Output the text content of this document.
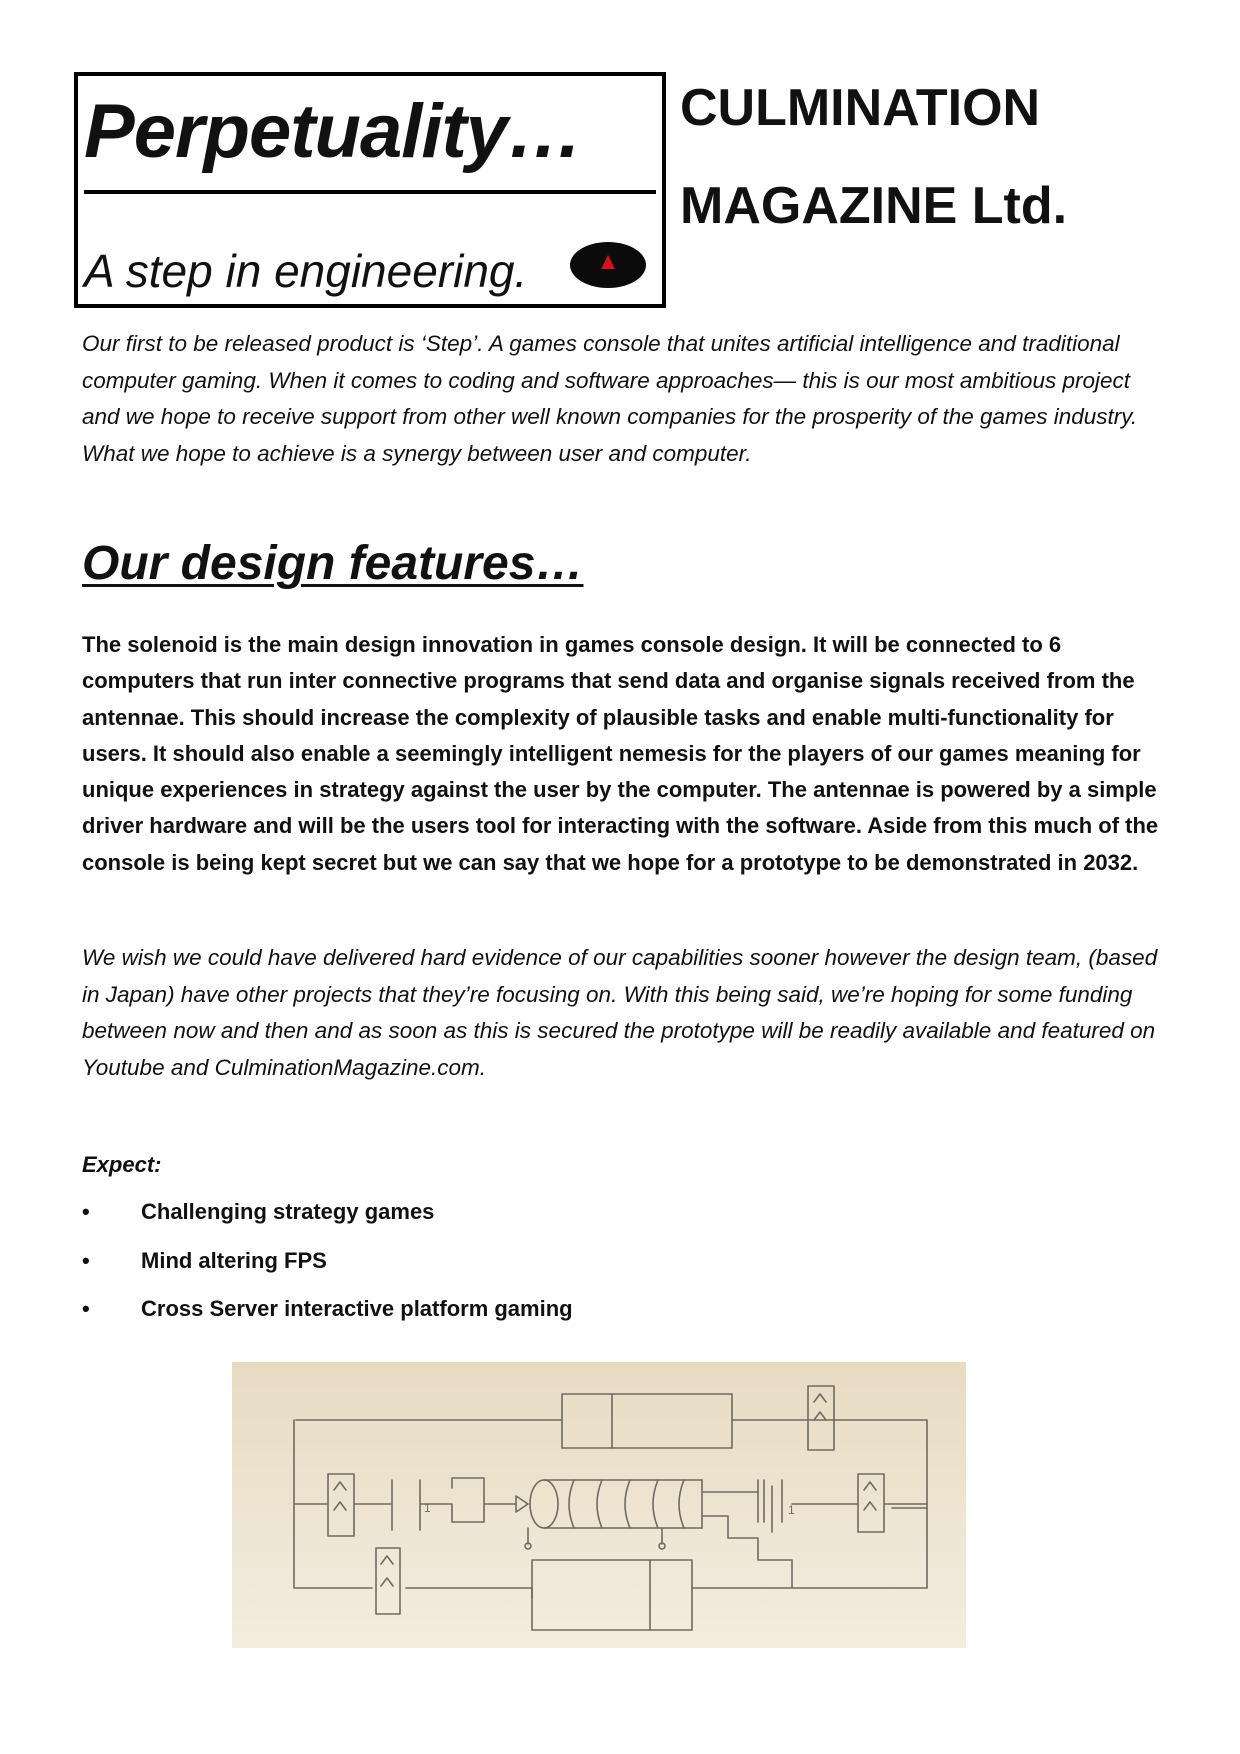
Perpetuality…
A step in engineering.
CULMINATION
MAGAZINE Ltd.

Our first to be released product is ‘Step’. A games console that unites artificial intelligence and traditional computer gaming. When it comes to coding and software approaches— this is our most ambitious project and we hope to receive support from other well known companies for the prosperity of the games industry. What we hope to achieve is a synergy between user and computer.

Our design features…

The solenoid is the main design innovation in games console design. It will be connected to 6 computers that run inter connective programs that send data and organise signals received from the antennae. This should increase the complexity of plausible tasks and enable multi-functionality for users. It should also enable a seemingly intelligent nemesis for the players of our games meaning for unique experiences in strategy against the user by the computer. The antennae is powered by a simple driver hardware and will be the users tool for interacting with the software. Aside from this much of the console is being kept secret but we can say that we hope for a prototype to be demonstrated in 2032.

We wish we could have delivered hard evidence of our capabilities sooner however the design team, (based in Japan) have other projects that they’re focusing on. With this being said, we’re hoping for some funding between now and then and as soon as this is secured the prototype will be readily available and featured on Youtube and CulminationMagazine.com.

Expect:

• Challenging strategy games
• Mind altering FPS
• Cross Server interactive platform gaming
1	1
